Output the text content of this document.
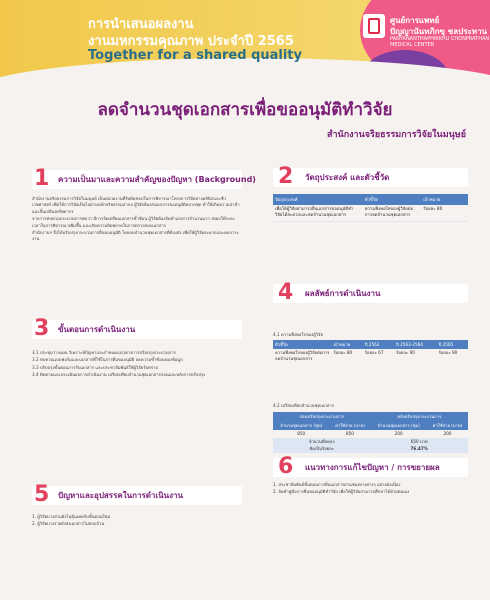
การนำเสนอผลงาน
งานมหกรรมคุณภาพ ประจำปี 2565
Together for a shared quality
ศูนย์การแพทย์
ปัญญานันทภิกขุ ชลประทาน
PANYANANTHAPHIKKHU CHONPRATHAN MEDICAL CENTER
ลดจำนวนชุดเอกสารเพื่อขออนุมัติทำวิจัย
สำนักงานจริยธรรมการวิจัยในมนุษย์
1 ความเป็นมาและความสำคัญของปัญหา (Background)

สำนักงานจริยธรรมการวิจัยในมนุษย์ เป็นหน่วยงานที่รับผิดชอบในการพิจารณาโครงการวิจัยทางคลินิกและชีวเวชศาสตร์ เพื่อให้การวิจัยเป็นไปตามหลักจริยธรรมสากล ผู้วิจัยต้องส่งเอกสารขออนุมัติหลายชุด ทำให้เกิดความล่าช้าและสิ้นเปลืองทรัพยากร

จากการทบทวนกระบวนการพบว่า มีการจัดเตรียมเอกสารซ้ำซ้อน ผู้วิจัยต้องจัดทำเอกสารจำนวนมาก ส่งผลให้ระยะเวลาในการพิจารณาเพิ่มขึ้น และเกิดความผิดพลาดในการตรวจสอบเอกสาร

สำนักงานฯ จึงได้ปรับปรุงกระบวนการยื่นขออนุมัติ โดยลดจำนวนชุดเอกสารที่ต้องส่ง เพื่อให้ผู้วิจัยสะดวกและลดภาระงาน

3 ขั้นตอนการดำเนินงาน

3.1 ประชุมวางแผน วิเคราะห์ปัญหาและกำหนดแนวทางการปรับปรุงกระบวนการ

3.2 ทบทวนแบบฟอร์มและเอกสารที่ใช้ในการยื่นขออนุมัติ ลดความซ้ำซ้อนของข้อมูล

3.3 ปรับปรุงขั้นตอนการรับเอกสาร และประชาสัมพันธ์ให้ผู้วิจัยรับทราบ

3.4 ติดตามและประเมินผลการดำเนินงาน เปรียบเทียบจำนวนชุดเอกสารก่อนและหลังการปรับปรุง

5 ปัญหาและอุปสรรคในการดำเนินงาน

1. ผู้วิจัยบางส่วนยังไม่คุ้นเคยกับขั้นตอนใหม่

2. ผู้วิจัยบางรายยังส่งเอกสารไม่ครบถ้วน

2 วัตถุประสงค์ และตัวชี้วัด
วัตถุประสงค์	ตัวชี้วัด	เป้าหมาย
เพื่อให้ผู้วิจัยสามารถยื่นเอกสารขออนุมัติทำวิจัยได้สะดวกและลดจำนวนชุดเอกสาร	ความพึงพอใจของผู้วิจัยต่อการลดจำนวนชุดเอกสาร	ร้อยละ 80
4 ผลลัพธ์การดำเนินงาน
4.1 ความพึงพอใจของผู้วิจัย
ตัวชี้วัด	เป้าหมาย	ปี 2562	ปี 2563-2564	ปี 2565
ความพึงพอใจของผู้วิจัยต่อการลดจำนวนชุดเอกสาร	ร้อยละ 80	ร้อยละ 67	ร้อยละ 90	ร้อยละ 90
4.2 เปรียบเทียบจำนวนชุดเอกสาร
ก่อนปรับปรุงกระบวนการ		หลังปรับปรุงกระบวนการ	
จำนวนชุดเอกสาร (ชุด)	ค่าใช้จ่าย (บาท)	จำนวนชุดเอกสาร (ชุด)	ค่าใช้จ่าย (บาท)
850	850	200	200
จำนวนที่ลดลง		650 บาท	
คิดเป็นร้อยละ		76.47%	
6 แนวทางการแก้ไขปัญหา / การขยายผล

1. ประชาสัมพันธ์ขั้นตอนการยื่นเอกสารผ่านช่องทางต่างๆ อย่างต่อเนื่อง

2. จัดทำคู่มือการยื่นขออนุมัติทำวิจัย เพื่อให้ผู้วิจัยสามารถศึกษาได้ด้วยตนเอง
